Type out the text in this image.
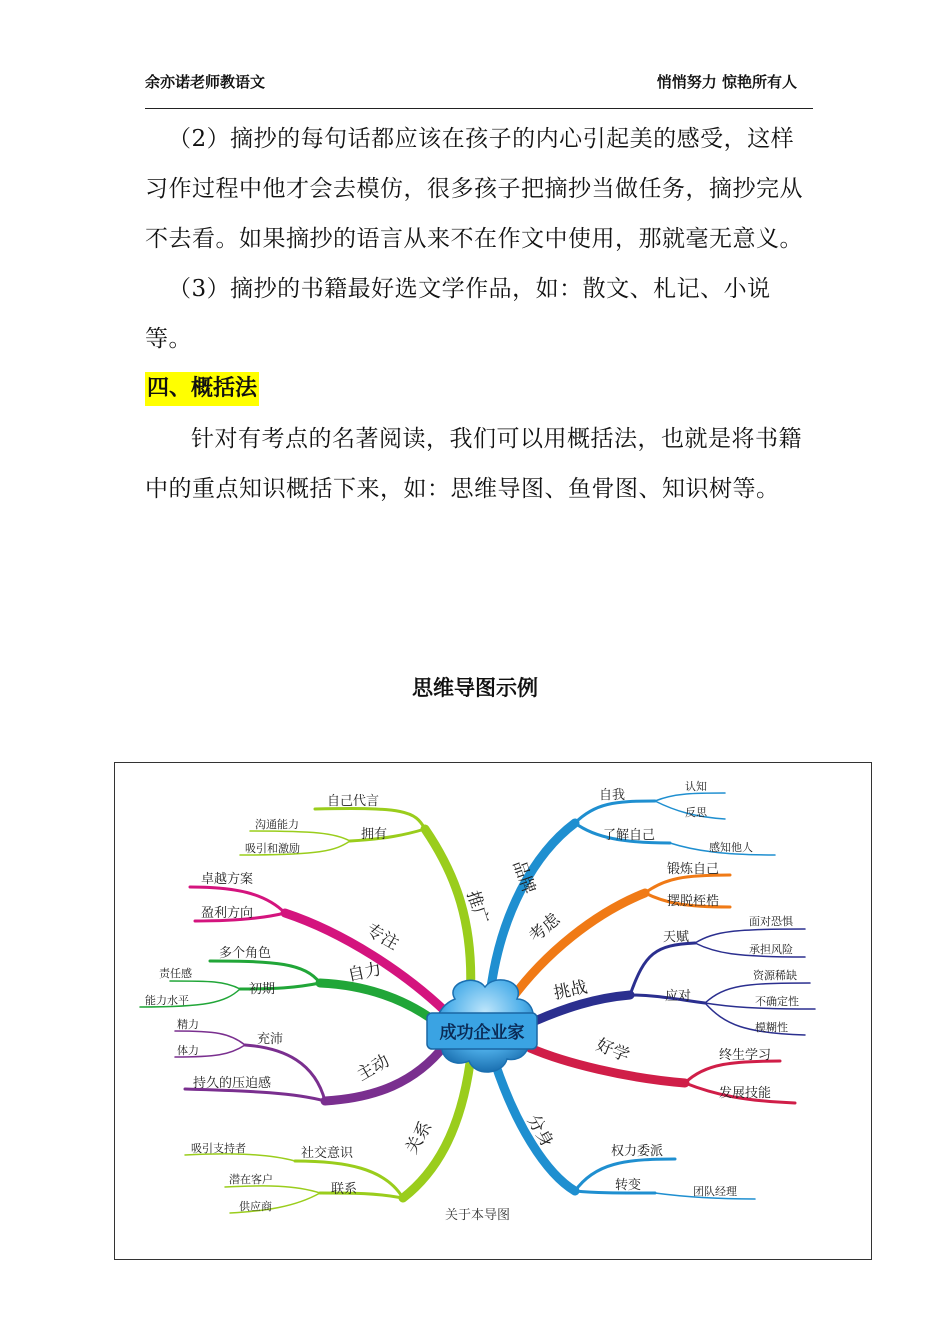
余亦诺老师教语文	悄悄努力 惊艳所有人

（2）摘抄的每句话都应该在孩子的内心引起美的感受，这样习作过程中他才会去模仿，很多孩子把摘抄当做任务，摘抄完从不去看。如果摘抄的语言从来不在作文中使用，那就毫无意义。

（3）摘抄的书籍最好选文学作品，如：散文、札记、小说等。

四、概括法

针对有考点的名著阅读，我们可以用概括法，也就是将书籍中的重点知识概括下来，如：思维导图、鱼骨图、知识树等。

思维导图示例
成功企业家
推广
专注
自力
主动
关系
品牌
考虑
挑战
好学
分身
自己代言
拥有
卓越方案
盈利方向
多个角色
初期
充沛
持久的压迫感
社交意识
联系
自我
了解自己
锻炼自己
摆脱桎梏
天赋
应对
终生学习
发展技能
权力委派
转变
沟通能力
吸引和激励
责任感
能力水平
精力
体力
吸引支持者
潜在客户
供应商
认知
反思
感知他人
面对恐惧
承担风险
资源稀缺
不确定性
模糊性
团队经理
关于本导图
